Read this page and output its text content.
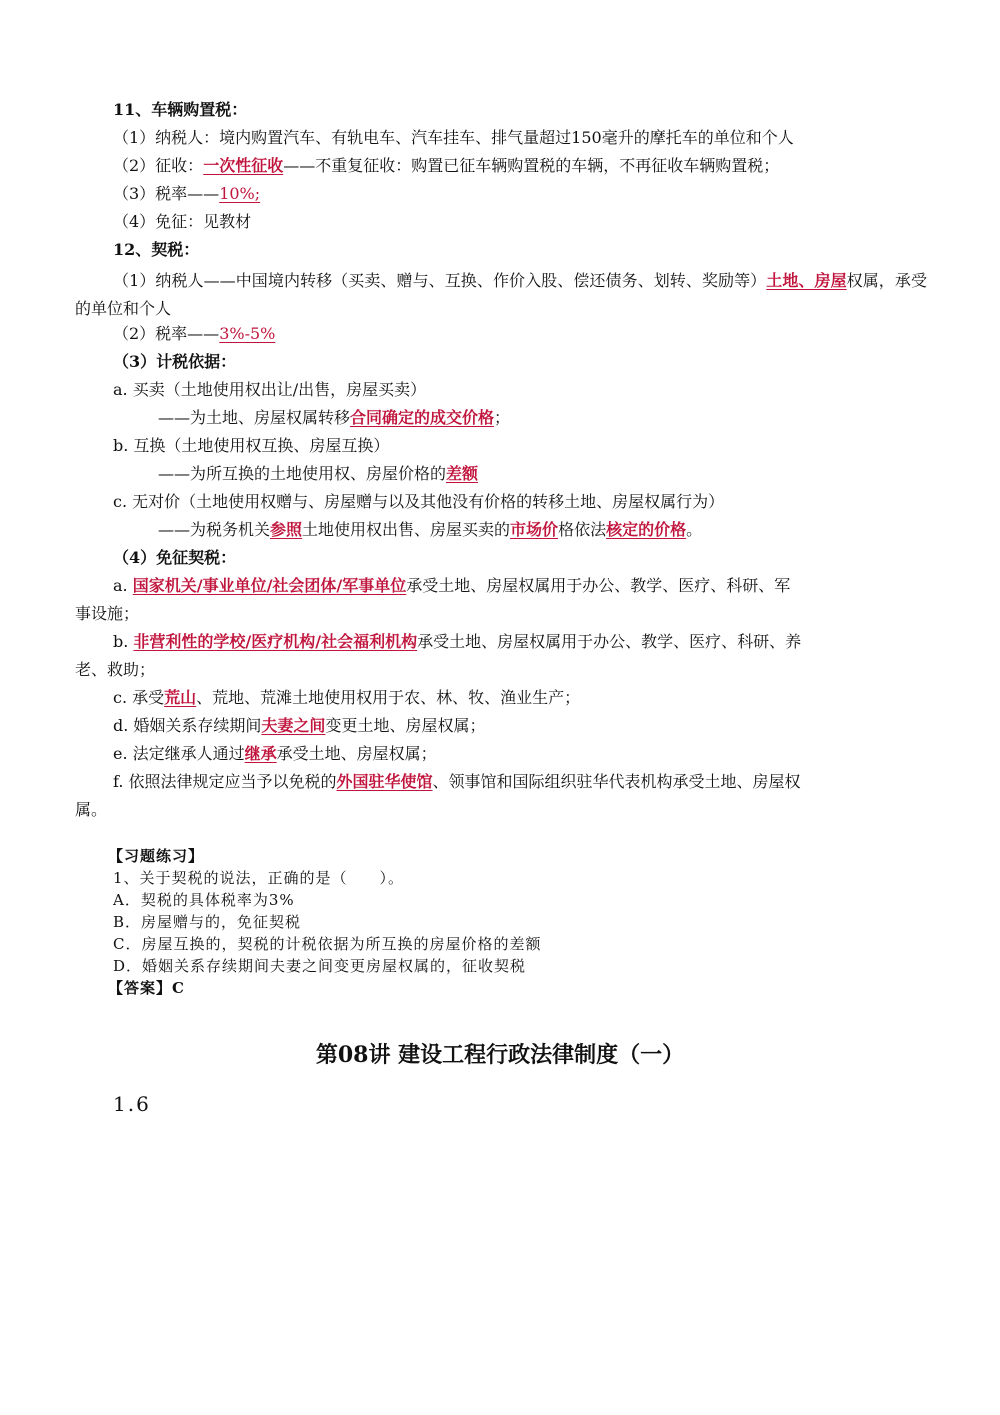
11、车辆购置税：
（1）纳税人：境内购置汽车、有轨电车、汽车挂车、排气量超过150毫升的摩托车的单位和个人
（2）征收：一次性征收——不重复征收：购置已征车辆购置税的车辆，不再征收车辆购置税；
（3）税率——10%;
（4）免征：见教材
12、契税：
（1）纳税人——中国境内转移（买卖、赠与、互换、作价入股、偿还债务、划转、奖励等）土地、房屋权属，承受的单位和个人
（2）税率——3%-5%
（3）计税依据：
a. 买卖（土地使用权出让/出售，房屋买卖）
——为土地、房屋权属转移合同确定的成交价格；
b. 互换（土地使用权互换、房屋互换）
——为所互换的土地使用权、房屋价格的差额
c. 无对价（土地使用权赠与、房屋赠与以及其他没有价格的转移土地、房屋权属行为）
——为税务机关参照土地使用权出售、房屋买卖的市场价格依法核定的价格。
（4）免征契税：
a. 国家机关/事业单位/社会团体/军事单位承受土地、房屋权属用于办公、教学、医疗、科研、军
事设施；
b. 非营利性的学校/医疗机构/社会福利机构承受土地、房屋权属用于办公、教学、医疗、科研、养
老、救助；
c. 承受荒山、荒地、荒滩土地使用权用于农、林、牧、渔业生产；
d. 婚姻关系存续期间夫妻之间变更土地、房屋权属；
e. 法定继承人通过继承承受土地、房屋权属；
f. 依照法律规定应当予以免税的外国驻华使馆、领事馆和国际组织驻华代表机构承受土地、房屋权
属。
【习题练习】
1、关于契税的说法，正确的是（　　）。
A．契税的具体税率为3%
B．房屋赠与的，免征契税
C．房屋互换的，契税的计税依据为所互换的房屋价格的差额
D．婚姻关系存续期间夫妻之间变更房屋权属的，征收契税
【答案】C
第08讲 建设工程行政法律制度（一）
1.6
